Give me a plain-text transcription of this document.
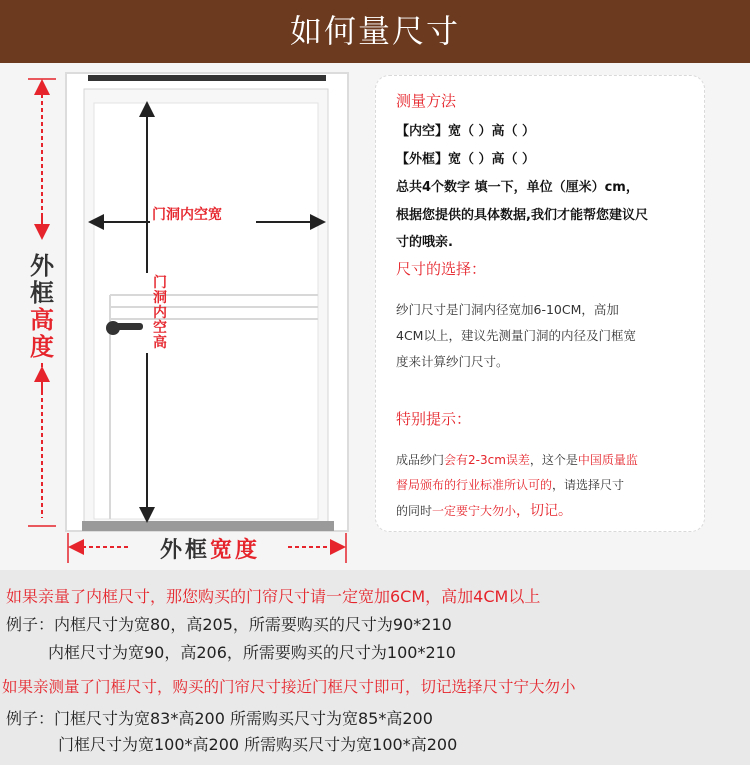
如何量尺寸
外
框
高
度
外框宽度
门洞内空宽
门
洞
内
空
高
测量方法
【内空】宽（ ）高（ ）
【外框】宽（ ）高（ ）
总共4个数字 填一下，单位（厘米）cm，
根据您提供的具体数据,我们才能帮您建议尺
寸的哦亲.
尺寸的选择：
纱门尺寸是门洞内径宽加6-10CM，高加
4CM以上，建议先测量门洞的内径及门框宽
度来计算纱门尺寸。
特别提示：
成品纱门会有2-3cm误差，这个是中国质量监
督局颁布的行业标准所认可的，请选择尺寸
的同时一定要宁大勿小，切记。
如果亲量了内框尺寸，那您购买的门帘尺寸请一定宽加6CM，高加4CM以上
例子：内框尺寸为宽80，高205，所需要购买的尺寸为90*210
内框尺寸为宽90，高206，所需要购买的尺寸为100*210
如果亲测量了门框尺寸，购买的门帘尺寸接近门框尺寸即可，切记选择尺寸宁大勿小
例子：门框尺寸为宽83*高200 所需购买尺寸为宽85*高200
门框尺寸为宽100*高200 所需购买尺寸为宽100*高200
